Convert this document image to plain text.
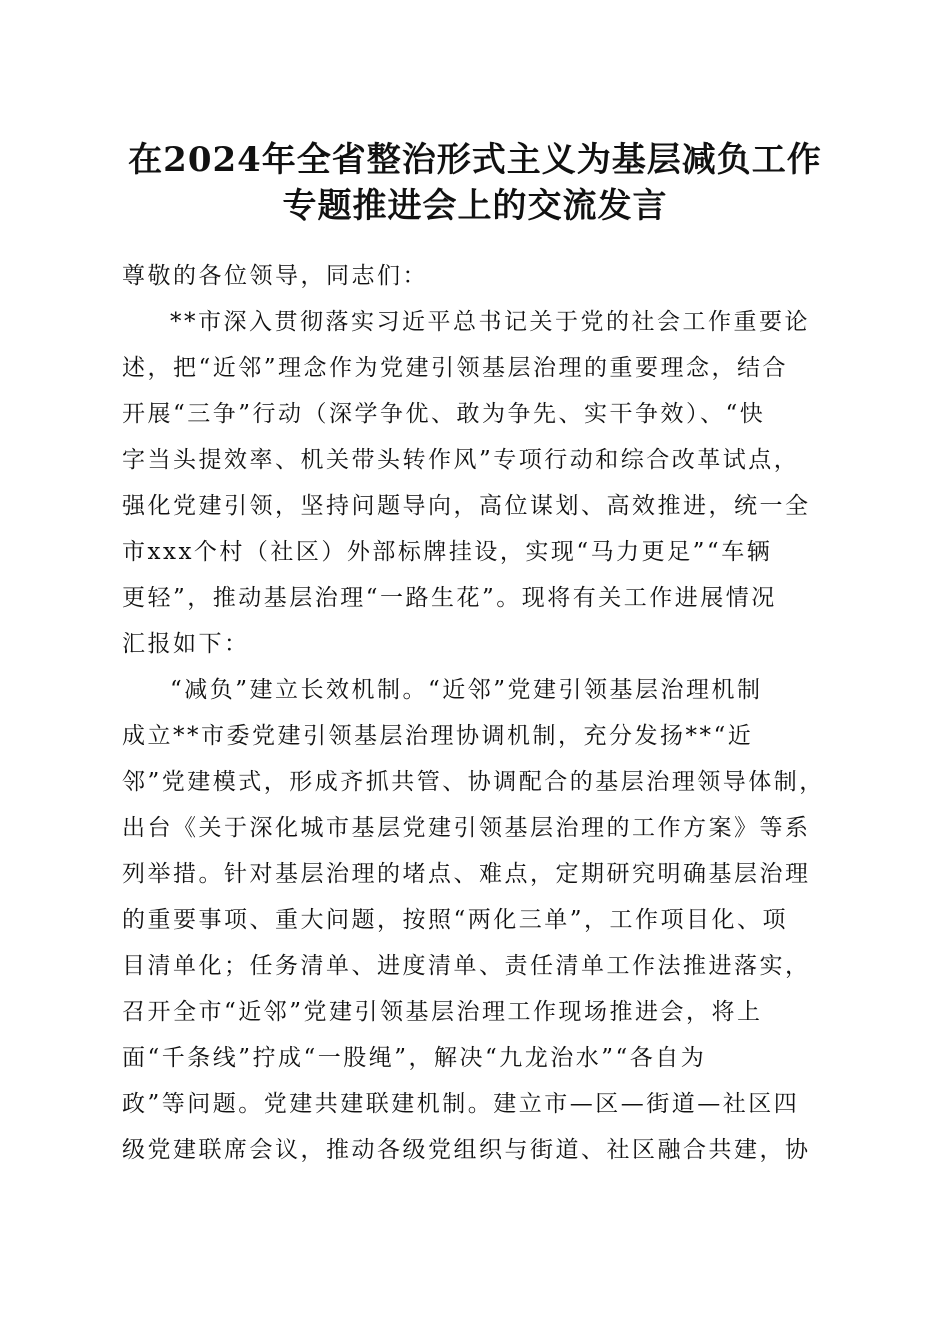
在2024年全省整治形式主义为基层减负工作
专题推进会上的交流发言
尊敬的各位领导，同志们：
**市深入贯彻落实习近平总书记关于党的社会工作重要论
述，把“近邻”理念作为党建引领基层治理的重要理念，结合
开展“三争”行动（深学争优、敢为争先、实干争效）、“快
字当头提效率、机关带头转作风”专项行动和综合改革试点，
强化党建引领，坚持问题导向，高位谋划、高效推进，统一全
市xxx个村（社区）外部标牌挂设，实现“马力更足”“车辆
更轻”，推动基层治理“一路生花”。现将有关工作进展情况
汇报如下：
“减负”建立长效机制。“近邻”党建引领基层治理机制
成立**市委党建引领基层治理协调机制，充分发扬**“近
邻”党建模式，形成齐抓共管、协调配合的基层治理领导体制，
出台《关于深化城市基层党建引领基层治理的工作方案》等系
列举措。针对基层治理的堵点、难点，定期研究明确基层治理
的重要事项、重大问题，按照“两化三单”，工作项目化、项
目清单化；任务清单、进度清单、责任清单工作法推进落实，
召开全市“近邻”党建引领基层治理工作现场推进会，将上
面“千条线”拧成“一股绳”，解决“九龙治水”“各自为
政”等问题。党建共建联建机制。建立市—区—街道—社区四
级党建联席会议，推动各级党组织与街道、社区融合共建，协
